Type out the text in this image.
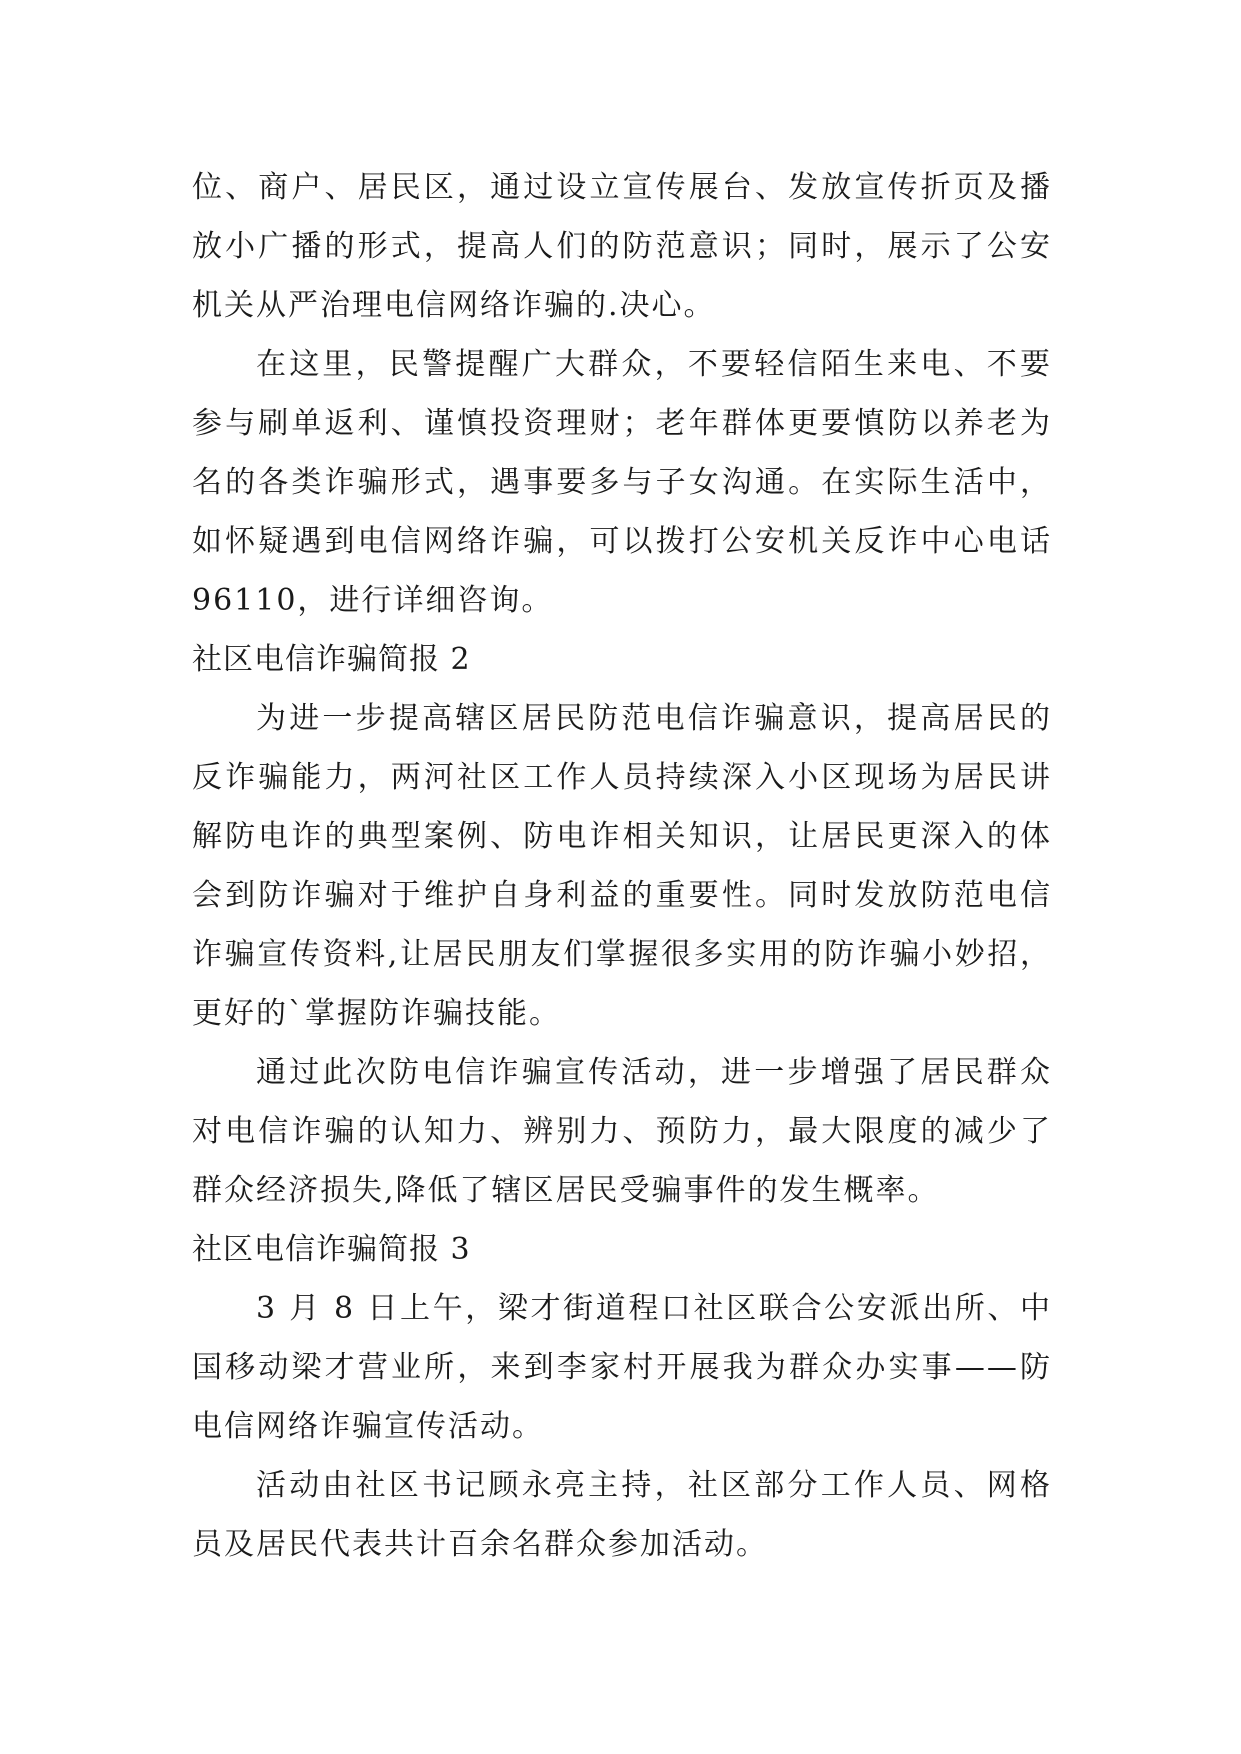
位、商户、居民区，通过设立宣传展台、发放宣传折页及播放小广播的形式，提高人们的防范意识；同时，展示了公安机关从严治理电信网络诈骗的.决心。

在这里，民警提醒广大群众，不要轻信陌生来电、不要参与刷单返利、谨慎投资理财；老年群体更要慎防以养老为名的各类诈骗形式，遇事要多与子女沟通。在实际生活中，如怀疑遇到电信网络诈骗，可以拨打公安机关反诈中心电话96110，进行详细咨询。

社区电信诈骗简报 2

为进一步提高辖区居民防范电信诈骗意识，提高居民的反诈骗能力，两河社区工作人员持续深入小区现场为居民讲解防电诈的典型案例、防电诈相关知识，让居民更深入的体会到防诈骗对于维护自身利益的重要性。同时发放防范电信诈骗宣传资料,让居民朋友们掌握很多实用的防诈骗小妙招，更好的`掌握防诈骗技能。

通过此次防电信诈骗宣传活动，进一步增强了居民群众对电信诈骗的认知力、辨别力、预防力，最大限度的减少了群众经济损失,降低了辖区居民受骗事件的发生概率。

社区电信诈骗简报 3

3 月 8 日上午，梁才街道程口社区联合公安派出所、中国移动梁才营业所，来到李家村开展我为群众办实事——防电信网络诈骗宣传活动。

活动由社区书记顾永亮主持，社区部分工作人员、网格员及居民代表共计百余名群众参加活动。
